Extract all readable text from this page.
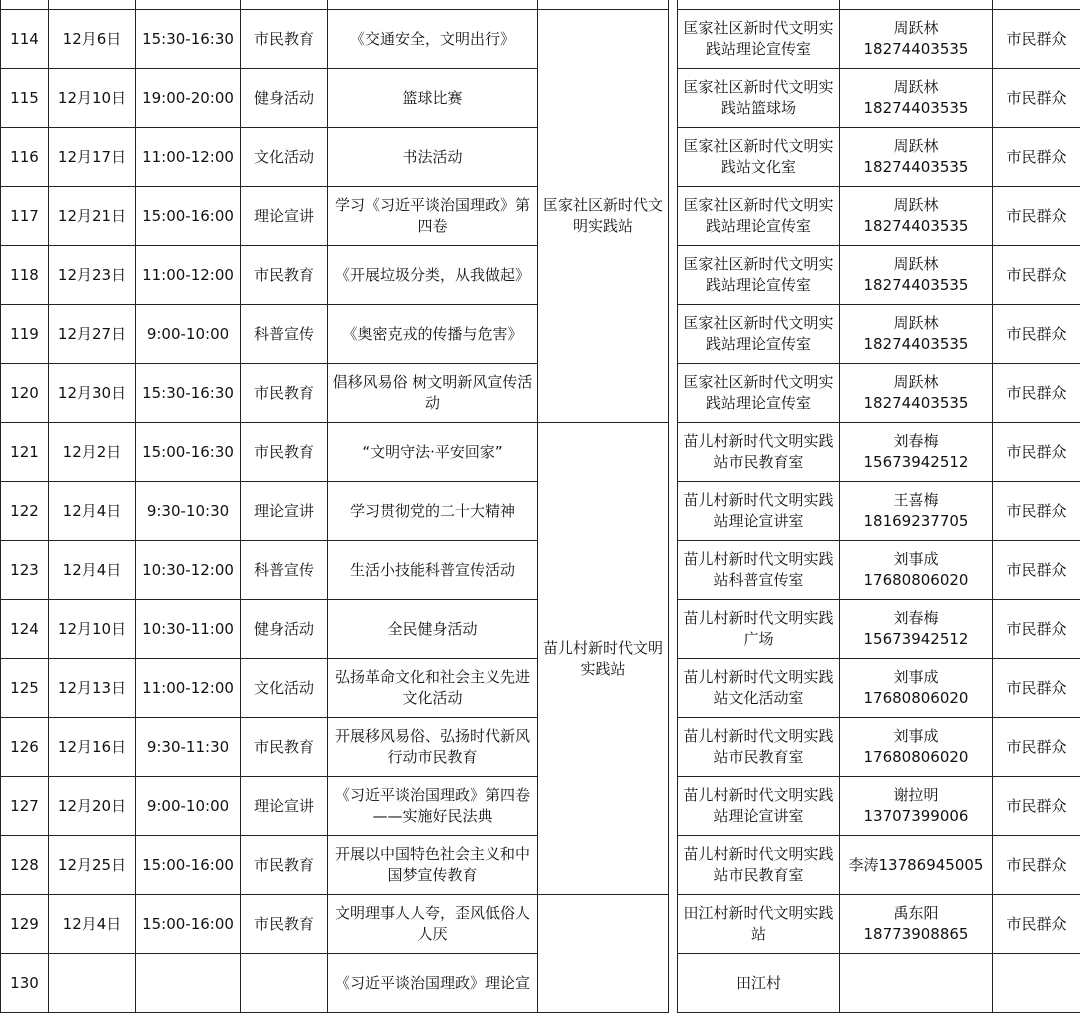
114	12月6日	15:30-16:30	市民教育	《交通安全，文明出行》	匡家社区新时代文明实践站		匡家社区新时代文明实践站理论宣传室	周跃林18274403535	市民群众
115	12月10日	19:00-20:00	健身活动	篮球比赛			匡家社区新时代文明实践站篮球场	周跃林18274403535	市民群众
116	12月17日	11:00-12:00	文化活动	书法活动			匡家社区新时代文明实践站文化室	周跃林18274403535	市民群众
117	12月21日	15:00-16:00	理论宣讲	学习《习近平谈治国理政》第四卷			匡家社区新时代文明实践站理论宣传室	周跃林18274403535	市民群众
118	12月23日	11:00-12:00	市民教育	《开展垃圾分类，从我做起》			匡家社区新时代文明实践站理论宣传室	周跃林18274403535	市民群众
119	12月27日	9:00-10:00	科普宣传	《奥密克戎的传播与危害》			匡家社区新时代文明实践站理论宣传室	周跃林18274403535	市民群众
120	12月30日	15:30-16:30	市民教育	倡移风易俗 树文明新风宣传活动			匡家社区新时代文明实践站理论宣传室	周跃林18274403535	市民群众
121	12月2日	15:00-16:30	市民教育	“文明守法·平安回家”	苗儿村新时代文明实践站		苗儿村新时代文明实践站市民教育室	刘春梅15673942512	市民群众
122	12月4日	9:30-10:30	理论宣讲	学习贯彻党的二十大精神			苗儿村新时代文明实践站理论宣讲室	王喜梅18169237705	市民群众
123	12月4日	10:30-12:00	科普宣传	生活小技能科普宣传活动			苗儿村新时代文明实践站科普宣传室	刘事成17680806020	市民群众
124	12月10日	10:30-11:00	健身活动	全民健身活动			苗儿村新时代文明实践广场	刘春梅15673942512	市民群众
125	12月13日	11:00-12:00	文化活动	弘扬革命文化和社会主义先进文化活动			苗儿村新时代文明实践站文化活动室	刘事成17680806020	市民群众
126	12月16日	9:30-11:30	市民教育	开展移风易俗、弘扬时代新风行动市民教育			苗儿村新时代文明实践站市民教育室	刘事成17680806020	市民群众
127	12月20日	9:00-10:00	理论宣讲	《习近平谈治国理政》第四卷——实施好民法典			苗儿村新时代文明实践站理论宣讲室	谢拉明13707399006	市民群众
128	12月25日	15:00-16:00	市民教育	开展以中国特色社会主义和中国梦宣传教育			苗儿村新时代文明实践站市民教育室	李涛13786945005	市民群众
129	12月4日	15:00-16:00	市民教育	文明理事人人夸，歪风低俗人人厌			田江村新时代文明实践站	禹东阳18773908865	市民群众
130				《习近平谈治国理政》理论宣			田江村		
